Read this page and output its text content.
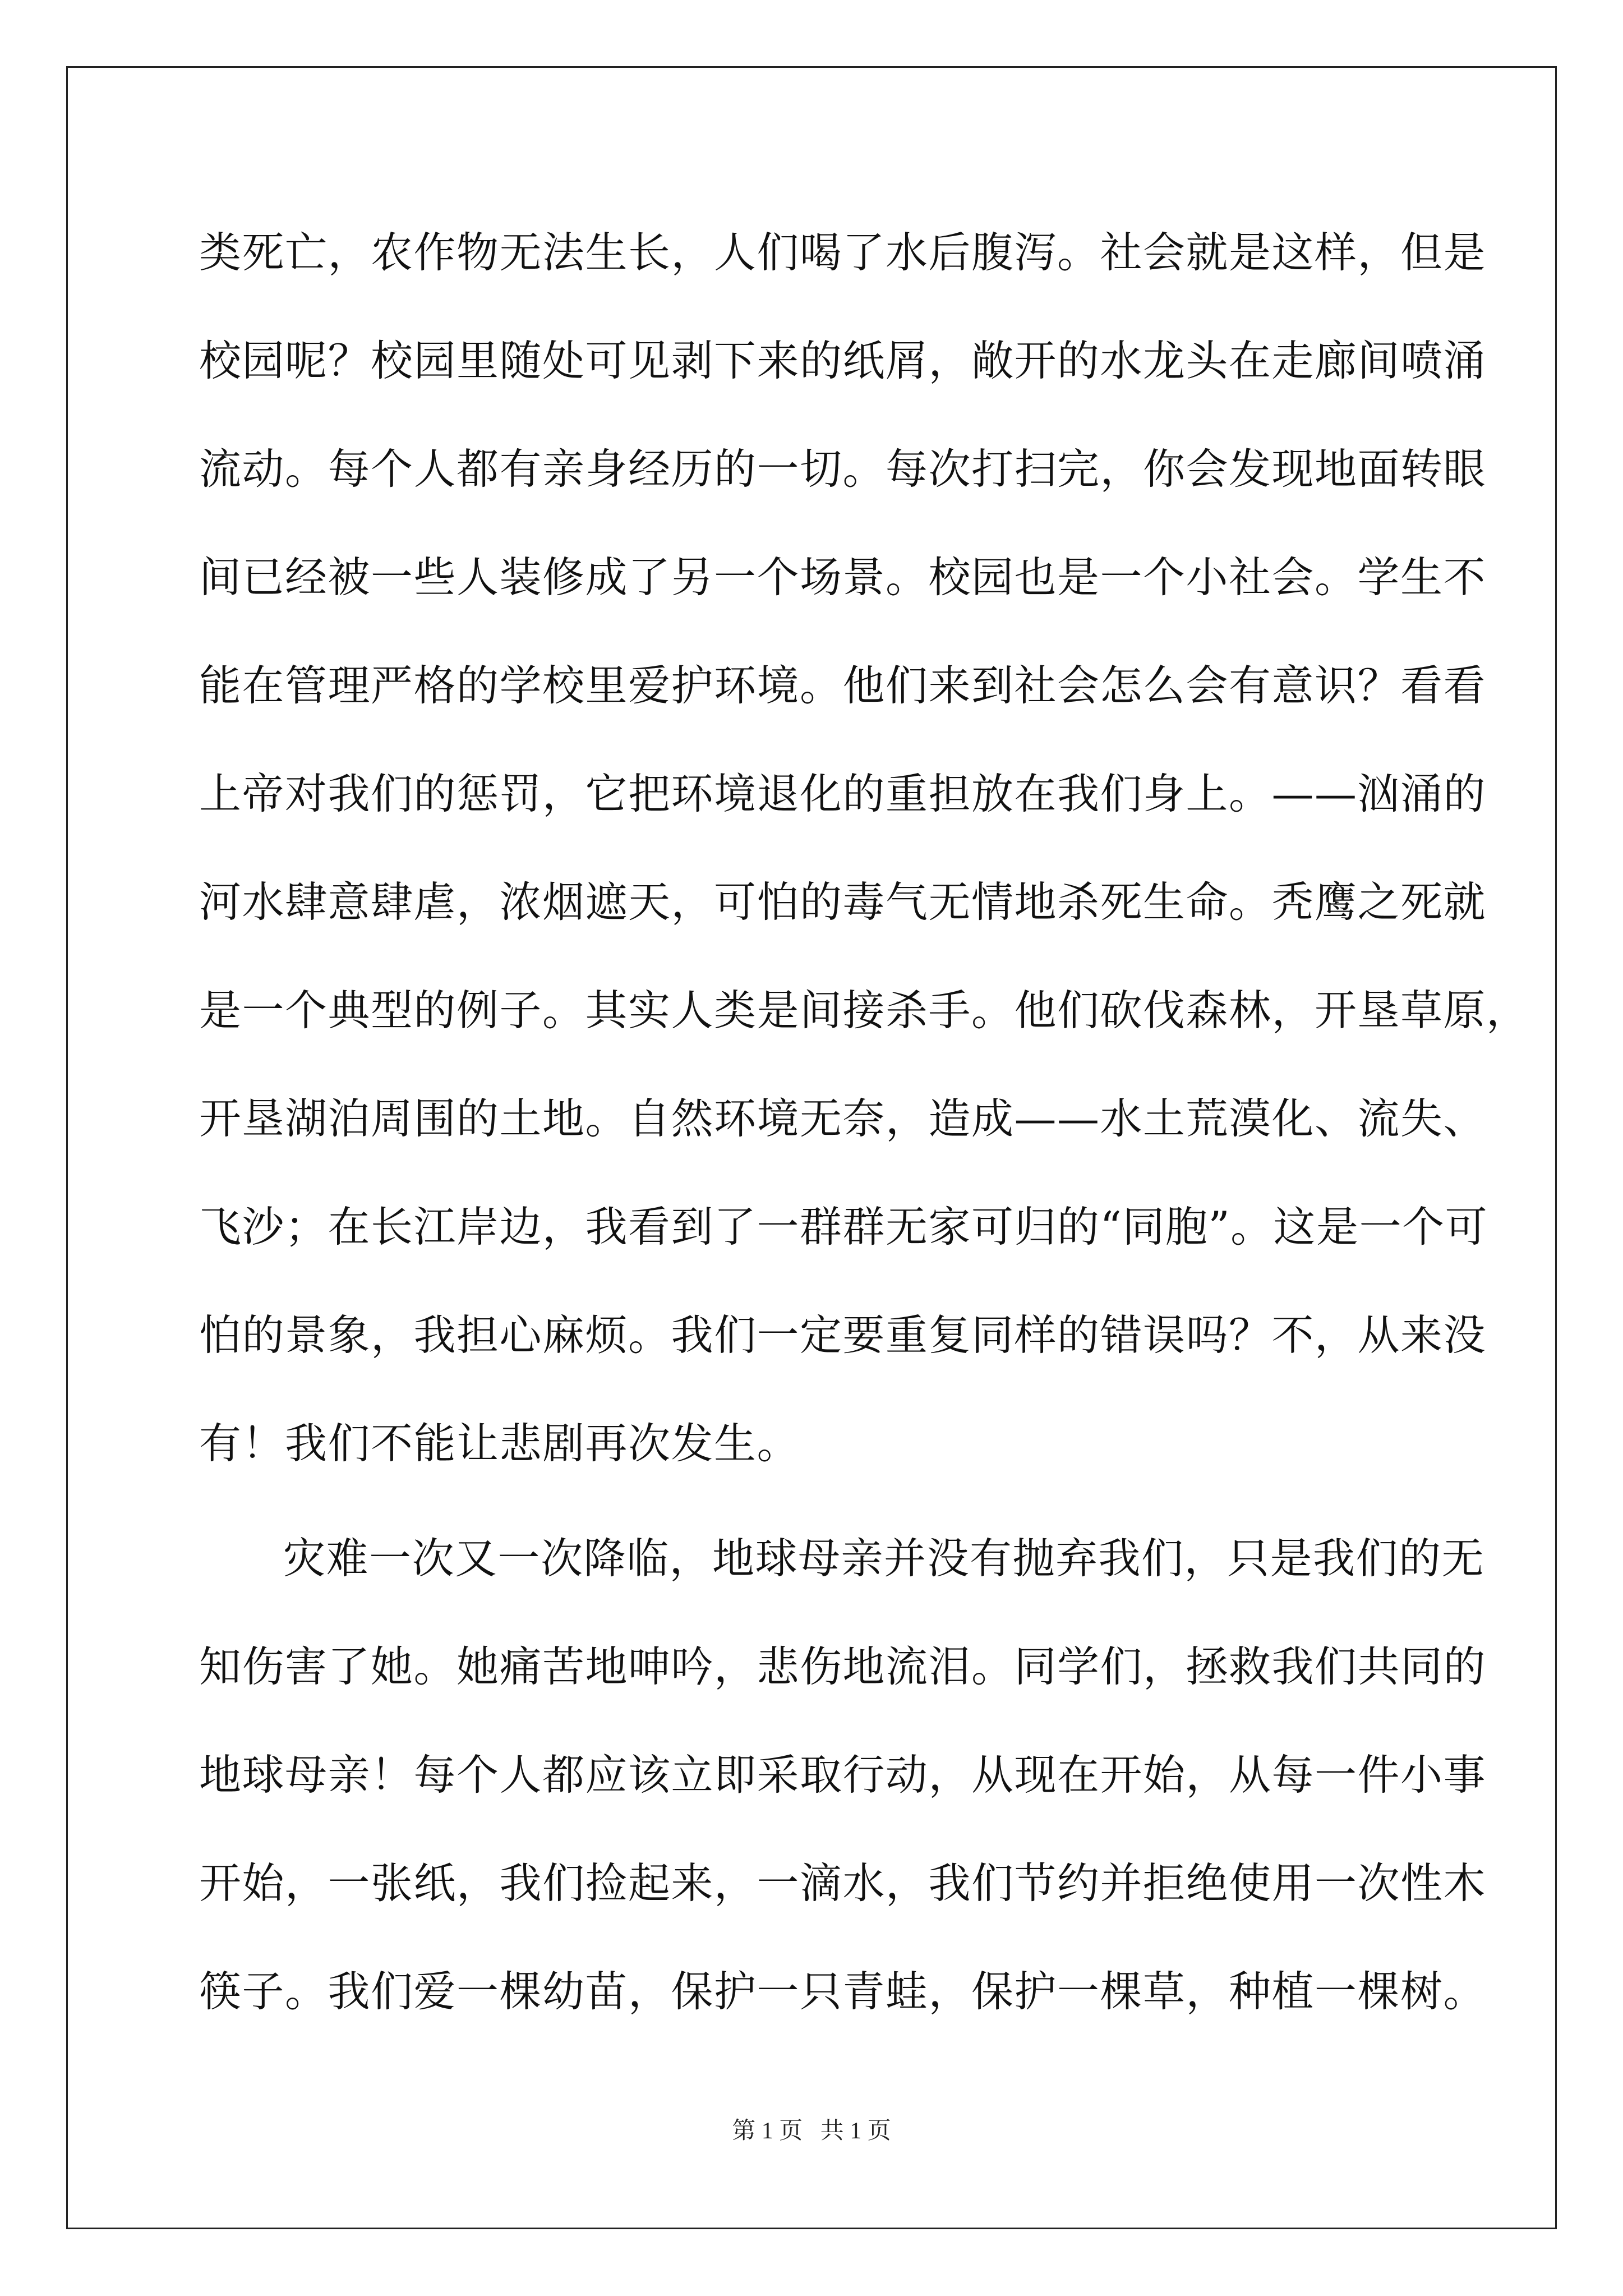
类死亡，农作物无法生长，人们喝了水后腹泻。社会就是这样，但是
校园呢？校园里随处可见剥下来的纸屑，敞开的水龙头在走廊间喷涌
流动。每个人都有亲身经历的一切。每次打扫完，你会发现地面转眼
间已经被一些人装修成了另一个场景。校园也是一个小社会。学生不
能在管理严格的学校里爱护环境。他们来到社会怎么会有意识？看看
上帝对我们的惩罚，它把环境退化的重担放在我们身上。——汹涌的
河水肆意肆虐，浓烟遮天，可怕的毒气无情地杀死生命。秃鹰之死就
是一个典型的例子。其实人类是间接杀手。他们砍伐森林，开垦草原，
开垦湖泊周围的土地。自然环境无奈，造成——水土荒漠化、流失、
飞沙；在长江岸边，我看到了一群群无家可归的“同胞”。这是一个可
怕的景象，我担心麻烦。我们一定要重复同样的错误吗？不，从来没
有！我们不能让悲剧再次发生。
灾难一次又一次降临，地球母亲并没有抛弃我们，只是我们的无
知伤害了她。她痛苦地呻吟，悲伤地流泪。同学们，拯救我们共同的
地球母亲！每个人都应该立即采取行动，从现在开始，从每一件小事
开始，一张纸，我们捡起来，一滴水，我们节约并拒绝使用一次性木
筷子。我们爱一棵幼苗，保护一只青蛙，保护一棵草，种植一棵树。
第 1 页 共 1 页
